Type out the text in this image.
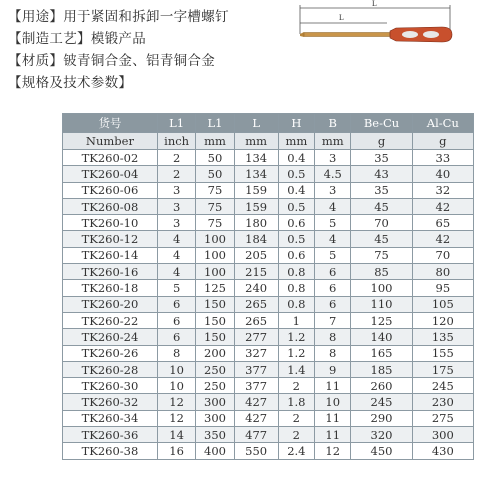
【用途】用于紧固和拆卸一字槽螺钉
【制造工艺】模锻产品
【材质】铍青铜合金、铝青铜合金
【规格及技术参数】
L
L
货号	L1	L1	L	H	B	Be-Cu	Al-Cu
Number	inch	mm	mm	mm	mm	g	g
TK260-02	2	50	134	0.4	3	35	33
TK260-04	2	50	134	0.5	4.5	43	40
TK260-06	3	75	159	0.4	3	35	32
TK260-08	3	75	159	0.5	4	45	42
TK260-10	3	75	180	0.6	5	70	65
TK260-12	4	100	184	0.5	4	45	42
TK260-14	4	100	205	0.6	5	75	70
TK260-16	4	100	215	0.8	6	85	80
TK260-18	5	125	240	0.8	6	100	95
TK260-20	6	150	265	0.8	6	110	105
TK260-22	6	150	265	1	7	125	120
TK260-24	6	150	277	1.2	8	140	135
TK260-26	8	200	327	1.2	8	165	155
TK260-28	10	250	377	1.4	9	185	175
TK260-30	10	250	377	2	11	260	245
TK260-32	12	300	427	1.8	10	245	230
TK260-34	12	300	427	2	11	290	275
TK260-36	14	350	477	2	11	320	300
TK260-38	16	400	550	2.4	12	450	430
